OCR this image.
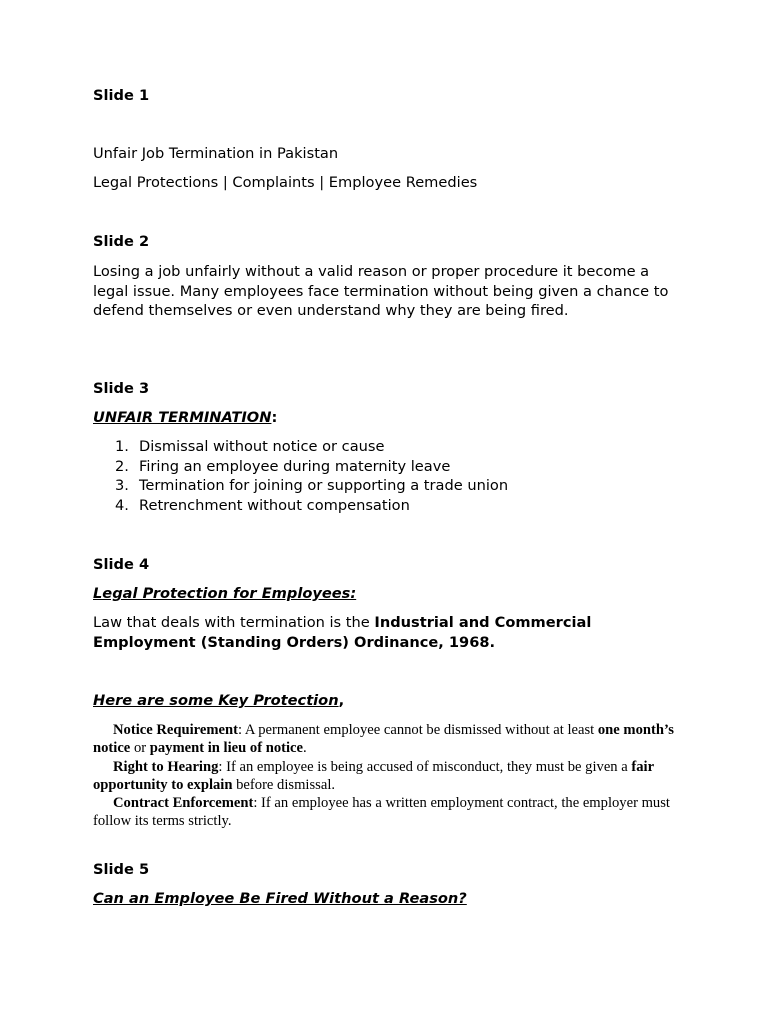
Slide 1
Unfair Job Termination in Pakistan
Legal Protections | Complaints | Employee Remedies
Slide 2
Losing a job unfairly without a valid reason or proper procedure it become a legal issue. Many employees face termination without being given a chance to defend themselves or even understand why they are being fired.
Slide 3
UNFAIR TERMINATION:
1. Dismissal without notice or cause
2. Firing an employee during maternity leave
3. Termination for joining or supporting a trade union
4. Retrenchment without compensation
Slide 4
Legal Protection for Employees:
Law that deals with termination is the Industrial and Commercial Employment (Standing Orders) Ordinance, 1968.
Here are some Key Protection,
Notice Requirement: A permanent employee cannot be dismissed without at least one month’s notice or payment in lieu of notice.
Right to Hearing: If an employee is being accused of misconduct, they must be given a fair opportunity to explain before dismissal.
Contract Enforcement: If an employee has a written employment contract, the employer must follow its terms strictly.
Slide 5
Can an Employee Be Fired Without a Reason?
